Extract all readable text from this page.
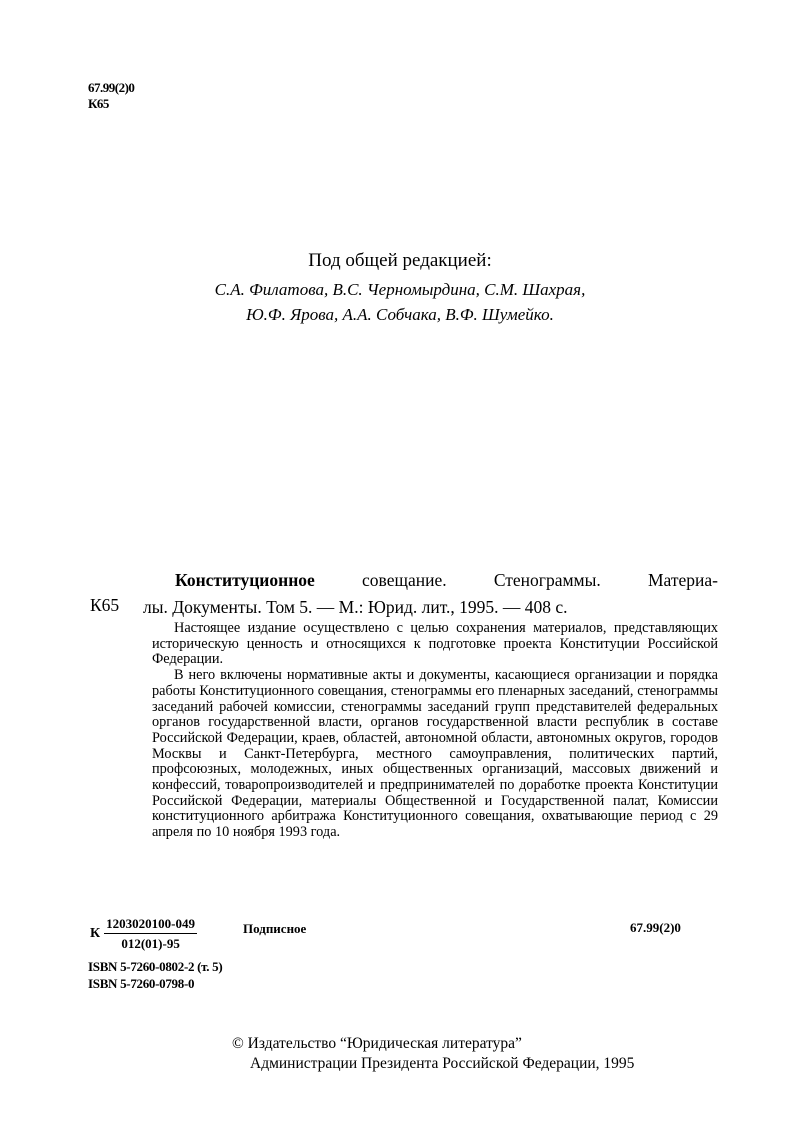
67.99(2)0
К65
Под общей редакцией:
С.А. Филатова, В.С. Черномырдина, С.М. Шахрая,
Ю.Ф. Ярова, А.А. Собчака, В.Ф. Шумейко.
К65
Конституционное совещание. Стенограммы. Материа-
лы. Документы. Том 5. — М.: Юрид. лит., 1995. — 408 с.

Настоящее издание осуществлено с целью сохранения материалов, представляющих историческую ценность и относящихся к подготовке проекта Конституции Российской Федерации.

В него включены нормативные акты и документы, касающиеся организации и порядка работы Конституционного совещания, стенограммы его пленарных заседаний, стенограммы заседаний рабочей комиссии, стенограммы заседаний групп представителей федеральных органов государственной власти, органов государственной власти республик в составе Российской Федерации, краев, областей, автономной области, автономных округов, городов Москвы и Санкт-Петербурга, местного самоуправления, политических партий, профсоюзных, молодежных, иных общественных организаций, массовых движений и конфессий, товаропроизводителей и предпринимателей по доработке проекта Конституции Российской Федерации, материалы Общественной и Государственной палат, Комиссии конституционного арбитража Конституционного совещания, охватывающие период с 29 апреля по 10 ноября 1993 года.

К $\frac{1203020100-049}{012(01)-95}$	Подписное	67.99(2)0
ISBN 5-7260-0802-2 (т. 5)
ISBN 5-7260-0798-0
© Издательство “Юридическая литература”
Администрации Президента Российской Федерации, 1995
